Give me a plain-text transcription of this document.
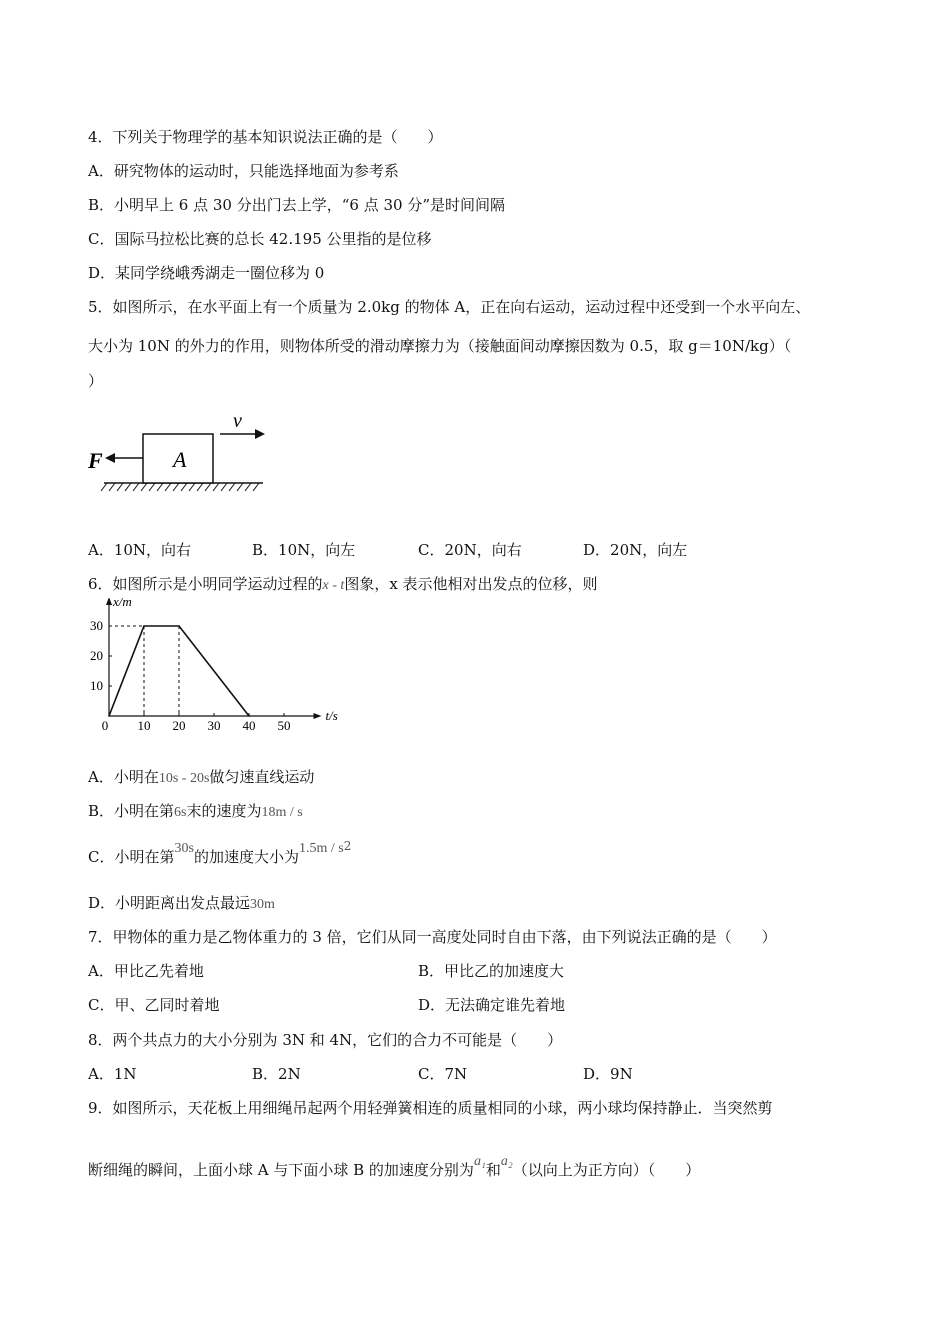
4．下列关于物理学的基本知识说法正确的是（　　）
A．研究物体的运动时，只能选择地面为参考系
B．小明早上 6 点 30 分出门去上学，“6 点 30 分”是时间间隔
C．国际马拉松比赛的总长 42.195 公里指的是位移
D．某同学绕峨秀湖走一圈位移为 0
5．如图所示，在水平面上有一个质量为 2.0kg 的物体 A，正在向右运动，运动过程中还受到一个水平向左、
大小为 10N 的外力的作用，则物体所受的滑动摩擦力为（接触面间动摩擦因数为 0.5，取 g＝10N/kg）（
）
A
F
v
A．10N，向右	B．10N，向左	C．20N，向右	D．20N，向左
6．如图所示是小明同学运动过程的x - t图象，x 表示他相对出发点的位移，则
x/m
t/s
0 10 20 30 40 50
10
20
30
A．小明在10s - 20s做匀速直线运动
B．小明在第6s末的速度为18m / s
C．小明在第30s的加速度大小为$1.5m / s^2$
D．小明距离出发点最远30m
7．甲物体的重力是乙物体重力的 3 倍，它们从同一高度处同时自由下落，由下列说法正确的是（　　）
A．甲比乙先着地	B．甲比乙的加速度大
C．甲、乙同时着地	D．无法确定谁先着地
8．两个共点力的大小分别为 3N 和 4N，它们的合力不可能是（　　）
A．1N	B．2N	C．7N	D．9N
9．如图所示，天花板上用细绳吊起两个用轻弹簧相连的质量相同的小球，两小球均保持静止．当突然剪
断细绳的瞬间，上面小球 A 与下面小球 B 的加速度分别为a₁和a₂（以向上为正方向）（　　）
